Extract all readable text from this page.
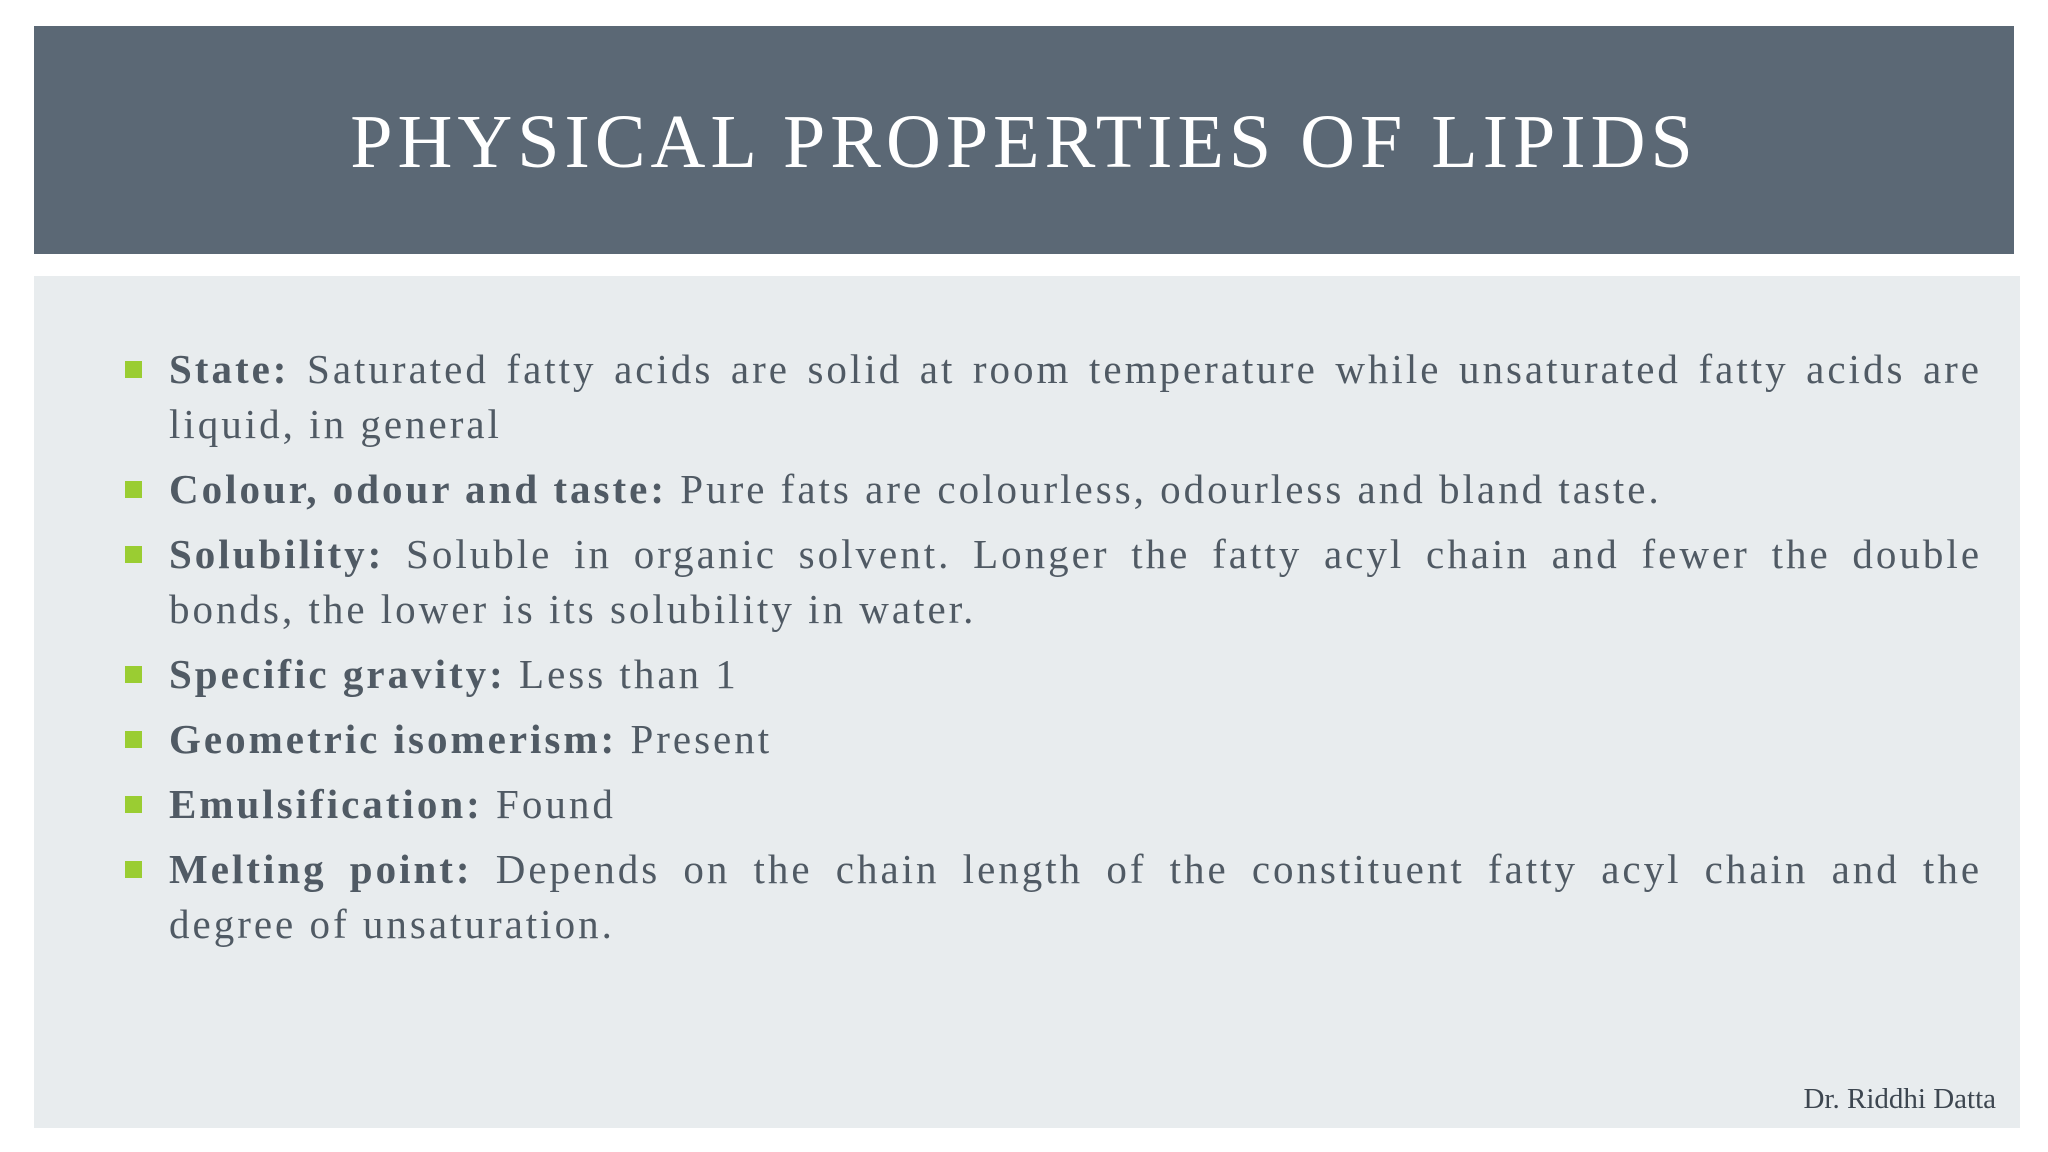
PHYSICAL PROPERTIES OF LIPIDS
State: Saturated fatty acids are solid at room temperature while unsaturated fatty acids are liquid, in general
Colour, odour and taste: Pure fats are colourless, odourless and bland taste.
Solubility: Soluble in organic solvent. Longer the fatty acyl chain and fewer the double bonds, the lower is its solubility in water.
Specific gravity: Less than 1
Geometric isomerism: Present
Emulsification: Found
Melting point: Depends on the chain length of the constituent fatty acyl chain and the degree of unsaturation.
Dr. Riddhi Datta
